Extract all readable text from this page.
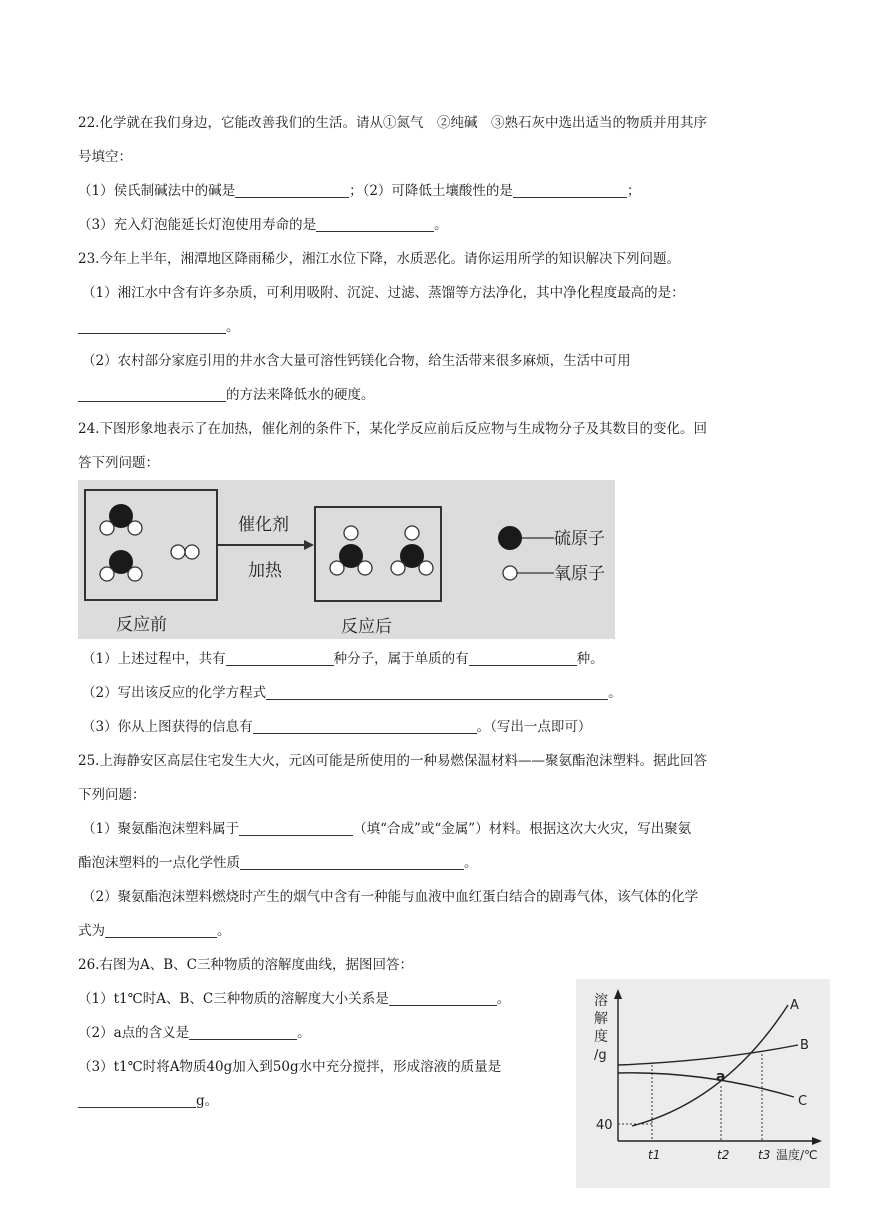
22.化学就在我们身边，它能改善我们的生活。请从①氮气　②纯碱　③熟石灰中选出适当的物质并用其序
号填空：
（1）侯氏制碱法中的碱是	；（2）可降低土壤酸性的是	；
（3）充入灯泡能延长灯泡使用寿命的是	。
23.今年上半年，湘潭地区降雨稀少，湘江水位下降，水质恶化。请你运用所学的知识解决下列问题。
（1）湘江水中含有许多杂质，可利用吸附、沉淀、过滤、蒸馏等方法净化，其中净化程度最高的是：
。
（2）农村部分家庭引用的井水含大量可溶性钙镁化合物，给生活带来很多麻烦，生活中可用
的方法来降低水的硬度。
24.下图形象地表示了在加热，催化剂的条件下，某化学反应前后反应物与生成物分子及其数目的变化。回
答下列问题：
催化剂
加热
反应前	反应后
硫原子
氧原子
（1）上述过程中，共有	种分子，属于单质的有	种。
（2）写出该反应的化学方程式	。
（3）你从上图获得的信息有	。（写出一点即可）
25.上海静安区高层住宅发生大火，元凶可能是所使用的一种易燃保温材料——聚氨酯泡沫塑料。据此回答
下列问题：
（1）聚氨酯泡沫塑料属于	（填“合成”或“金属”）材料。根据这次大火灾，写出聚氨
酯泡沫塑料的一点化学性质	。
（2）聚氨酯泡沫塑料燃烧时产生的烟气中含有一种能与血液中血红蛋白结合的剧毒气体，该气体的化学
式为	。
26.右图为A、B、C三种物质的溶解度曲线，据图回答：
（1）t1℃时A、B、C三种物质的溶解度大小关系是	。
（2）a点的含义是	。
（3）t1℃时将A物质40g加入到50g水中充分搅拌，形成溶液的质量是
g。
溶
解
度
/g
40
A
B
C
a
t1	t2 t3 温度/℃
